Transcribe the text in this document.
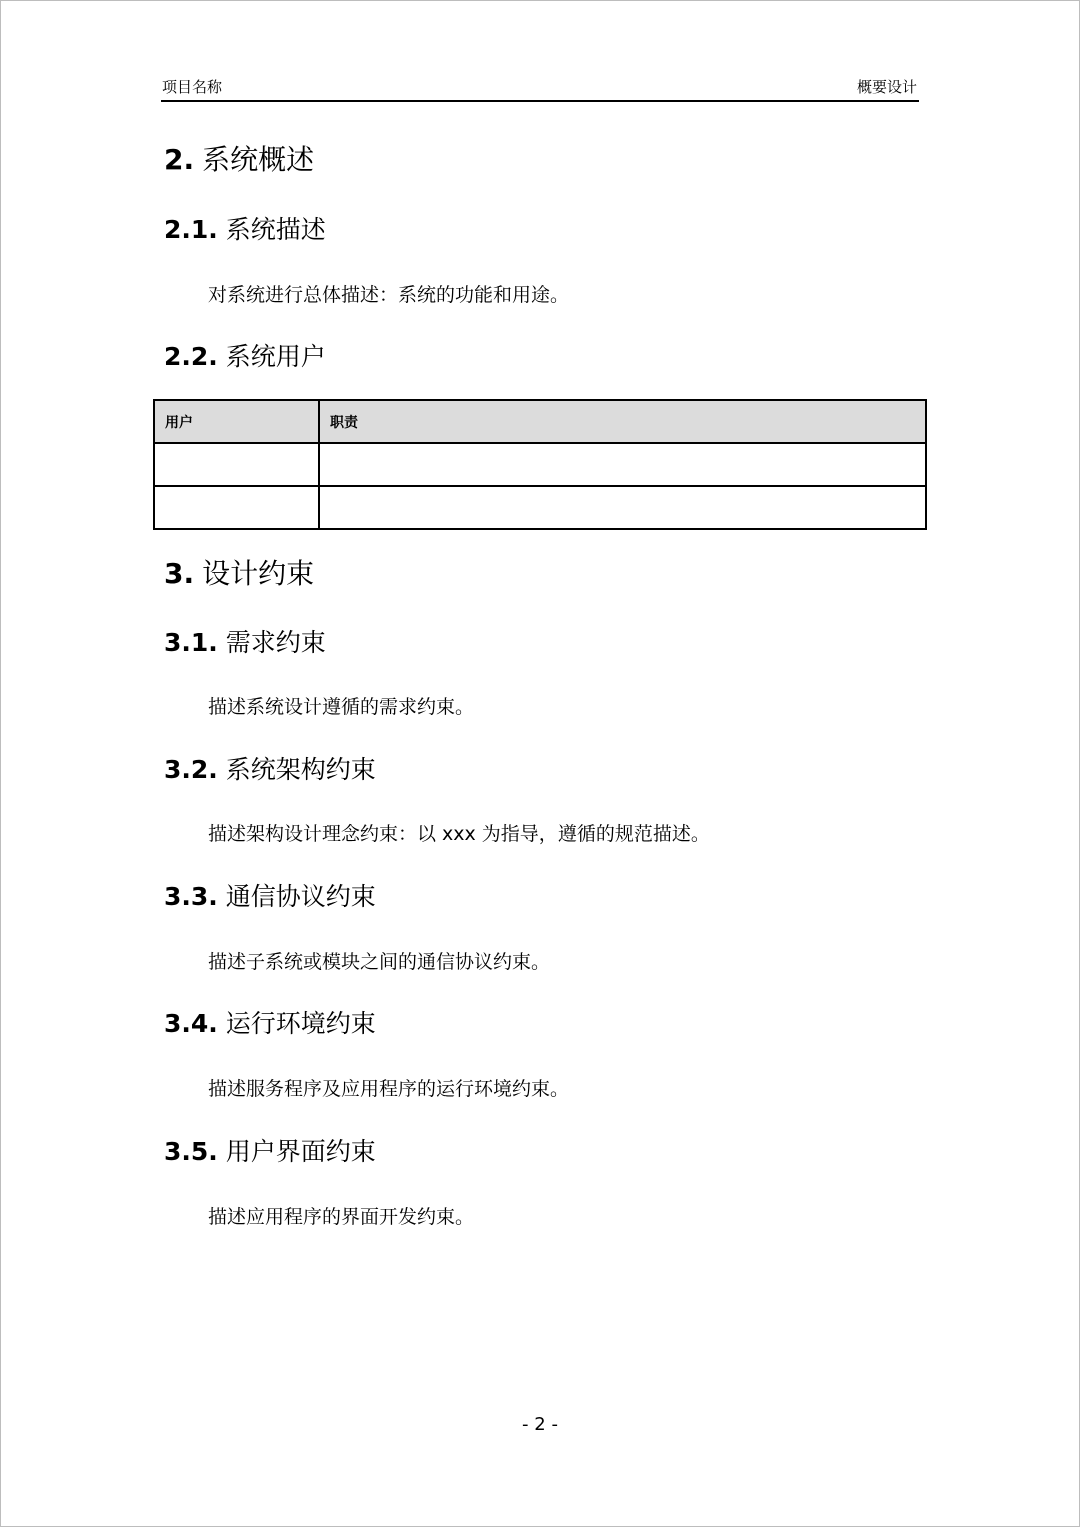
项目名称	概要设计
2. 系统概述
2.1. 系统描述
对系统进行总体描述：系统的功能和用途。
2.2. 系统用户
用户	职责

3. 设计约束
3.1. 需求约束
描述系统设计遵循的需求约束。
3.2. 系统架构约束
描述架构设计理念约束：以 xxx 为指导，遵循的规范描述。
3.3. 通信协议约束
描述子系统或模块之间的通信协议约束。
3.4. 运行环境约束
描述服务程序及应用程序的运行环境约束。
3.5. 用户界面约束
描述应用程序的界面开发约束。
- 2 -
